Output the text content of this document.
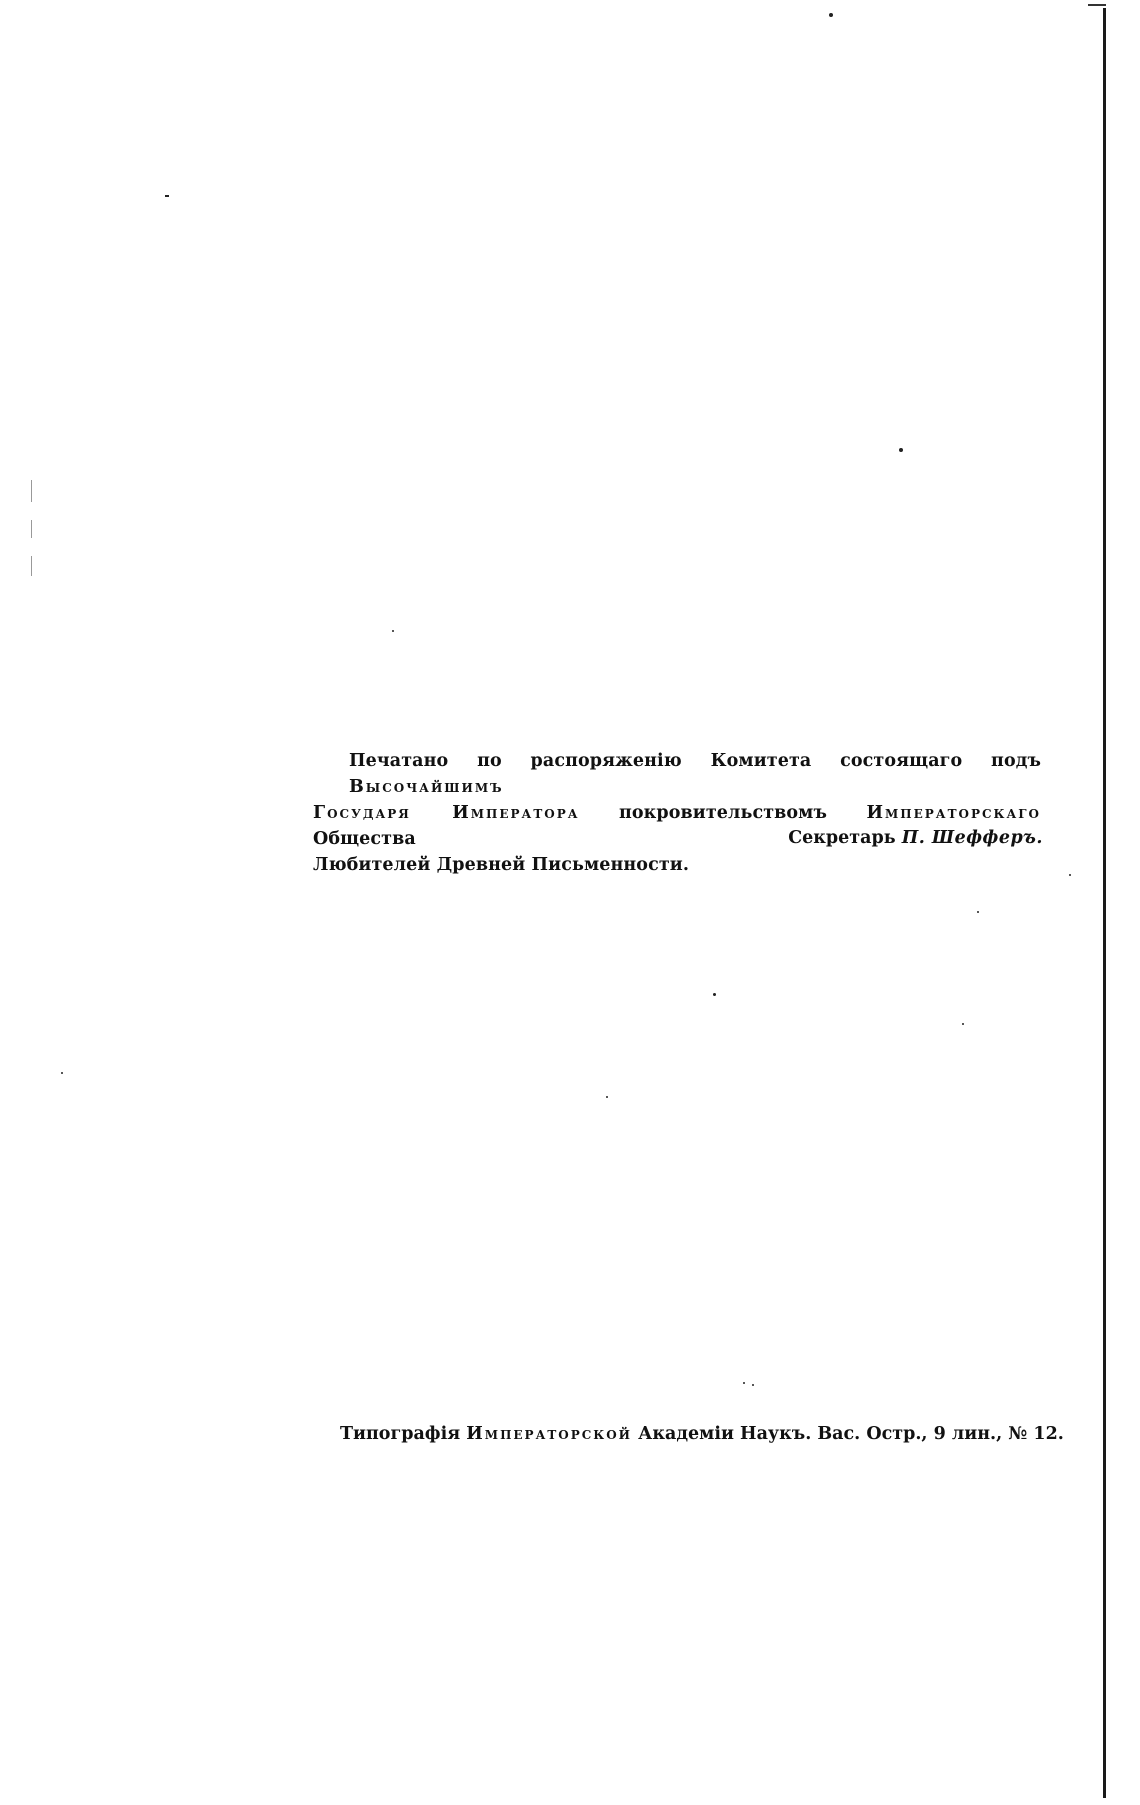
Печатано по распоряженію Комитета состоящаго подъ Высочайшимъ
Государя Императора покровительствомъ Императорскаго Общества
Любителей Древней Письменности.
Секретарь П. Шефферъ.
Типографія Императорской Академіи Наукъ. Вас. Остр., 9 лин., № 12.
